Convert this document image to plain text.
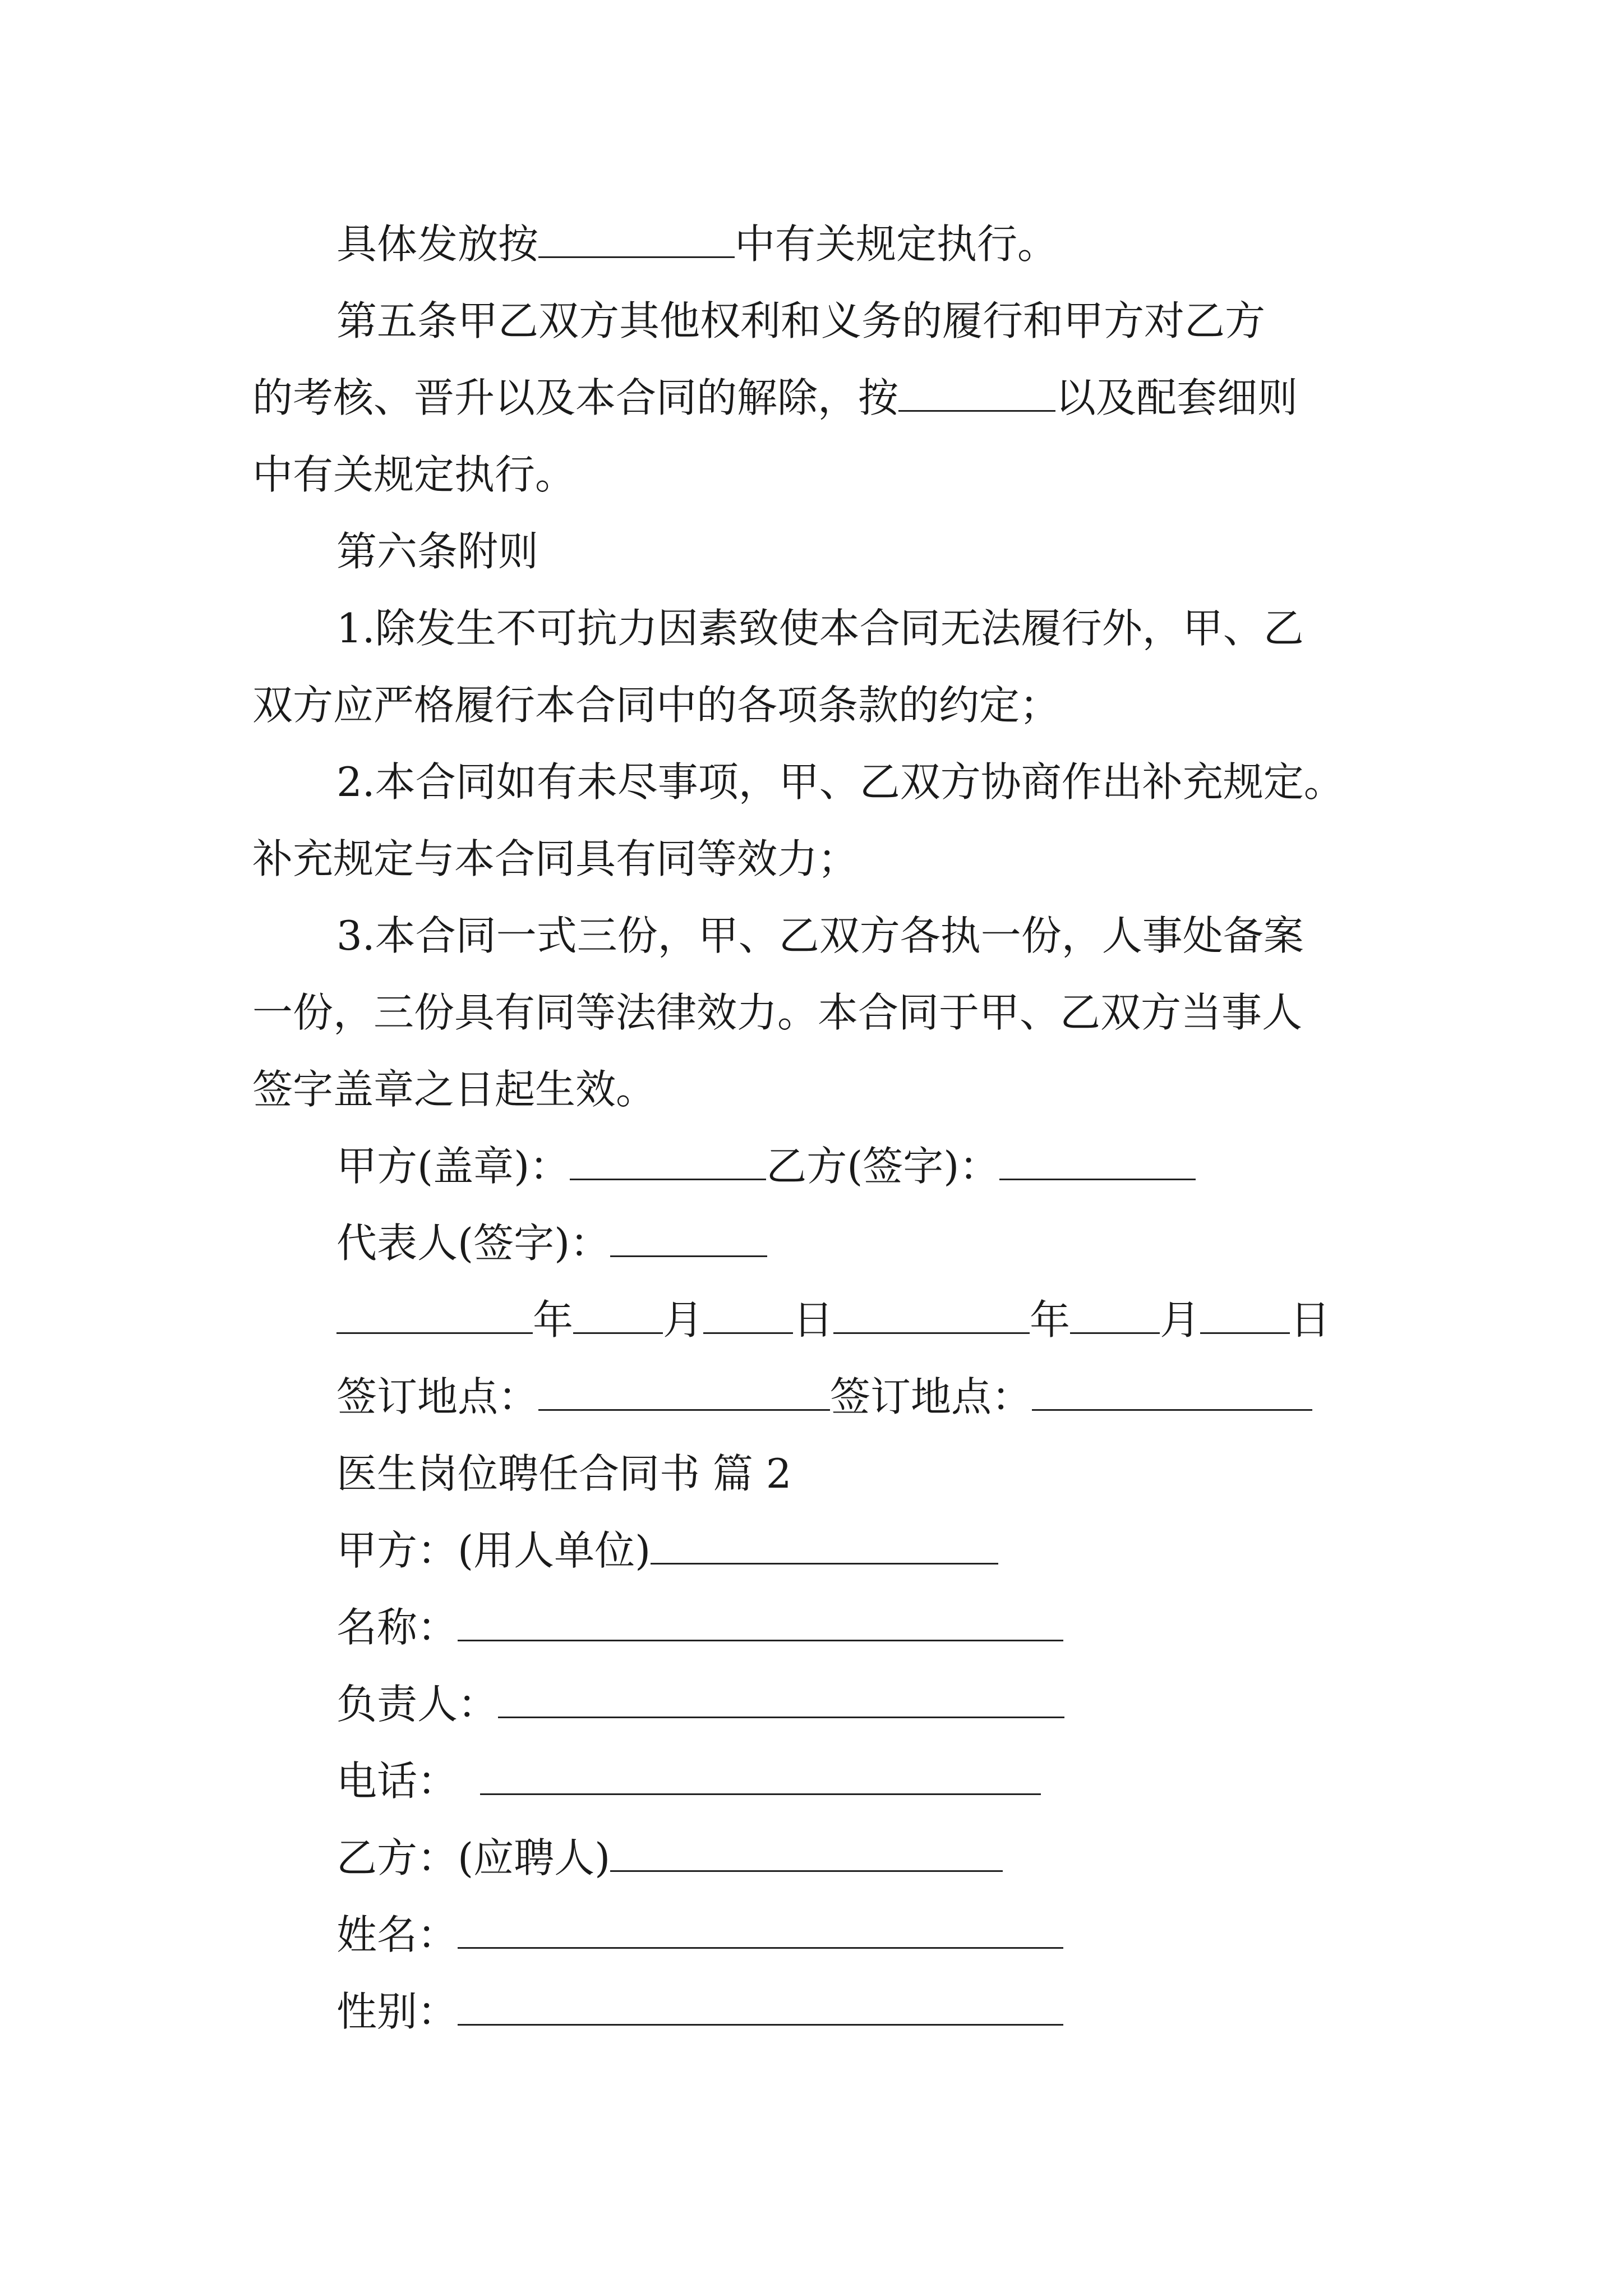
具体发放按	中有关规定执行。
第五条甲乙双方其他权利和义务的履行和甲方对乙方
的考核、晋升以及本合同的解除，按	以及配套细则
中有关规定执行。
第六条附则
1.除发生不可抗力因素致使本合同无法履行外，甲、乙
双方应严格履行本合同中的各项条款的约定；
2.本合同如有未尽事项，甲、乙双方协商作出补充规定。
补充规定与本合同具有同等效力；
3.本合同一式三份，甲、乙双方各执一份，人事处备案
一份，三份具有同等法律效力。本合同于甲、乙双方当事人
签字盖章之日起生效。
甲方(盖章)：	乙方(签字)：
代表人(签字)：
年 月 日	年 月 日
签订地点：	签订地点：
医生岗位聘任合同书 篇 2
甲方：(用人单位)
名称：
负责人：
电话：
乙方：(应聘人)
姓名：
性别：
